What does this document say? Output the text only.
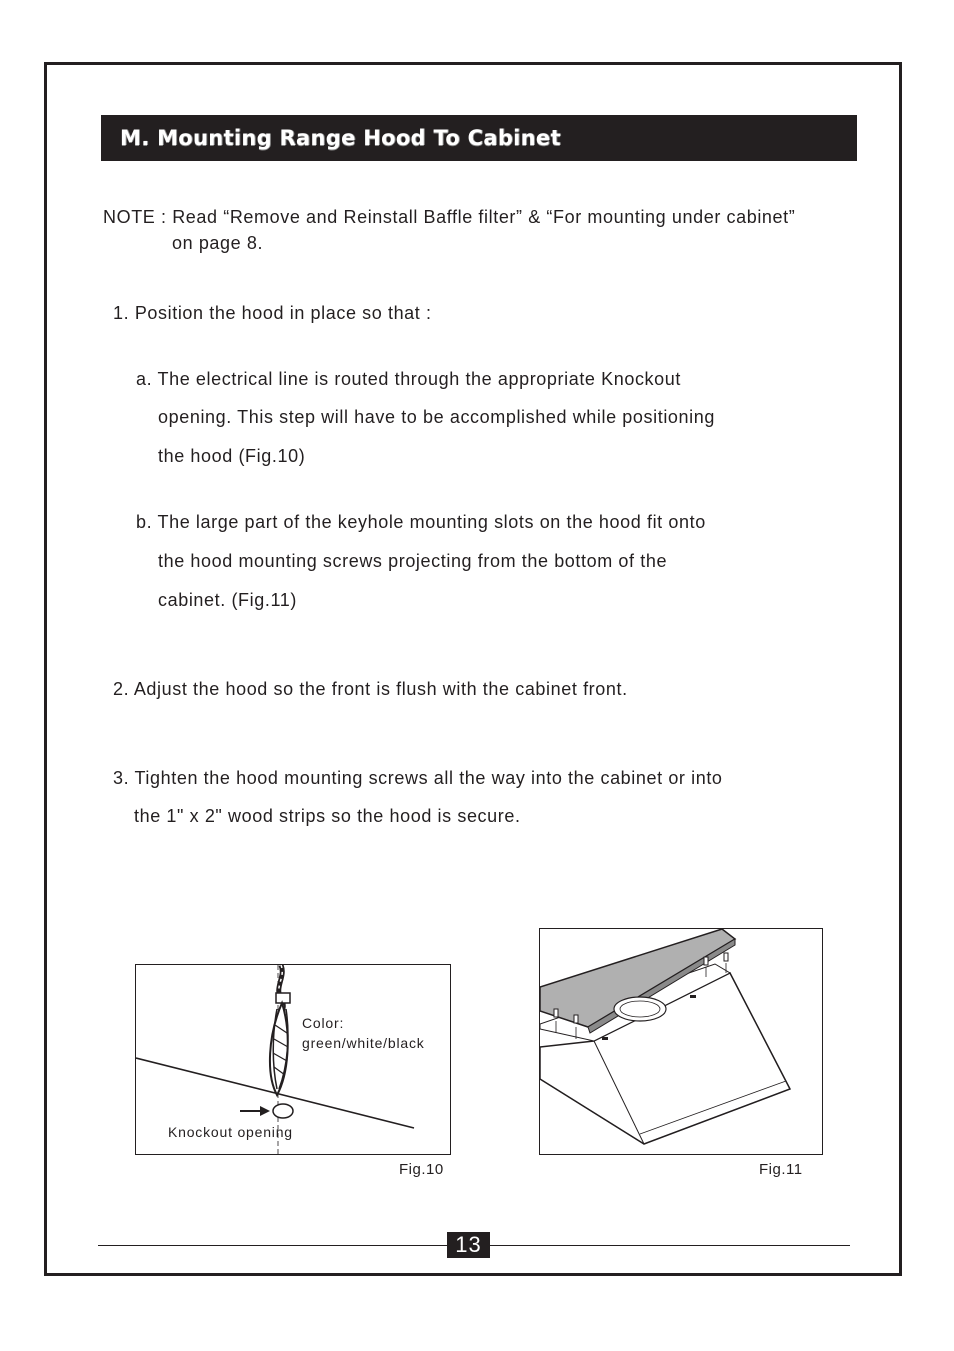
M. Mounting Range Hood To Cabinet
NOTE : Read “Remove and Reinstall Baffle filter” & “For mounting under cabinet”
on page 8.
1. Position the hood in place so that :
a. The electrical line is routed through the appropriate Knockout
opening. This step will have to be accomplished while positioning
the hood (Fig.10)
b. The large part of the keyhole mounting slots on the hood fit onto
the hood mounting screws projecting from the bottom of the
cabinet. (Fig.11)
2. Adjust the hood so the front is flush with the cabinet front.
3. Tighten the hood mounting screws all the way into the cabinet or into
the 1" x 2" wood strips so the hood is secure.
Color:
green/white/black
Knockout opening
Fig.10	Fig.11
13
